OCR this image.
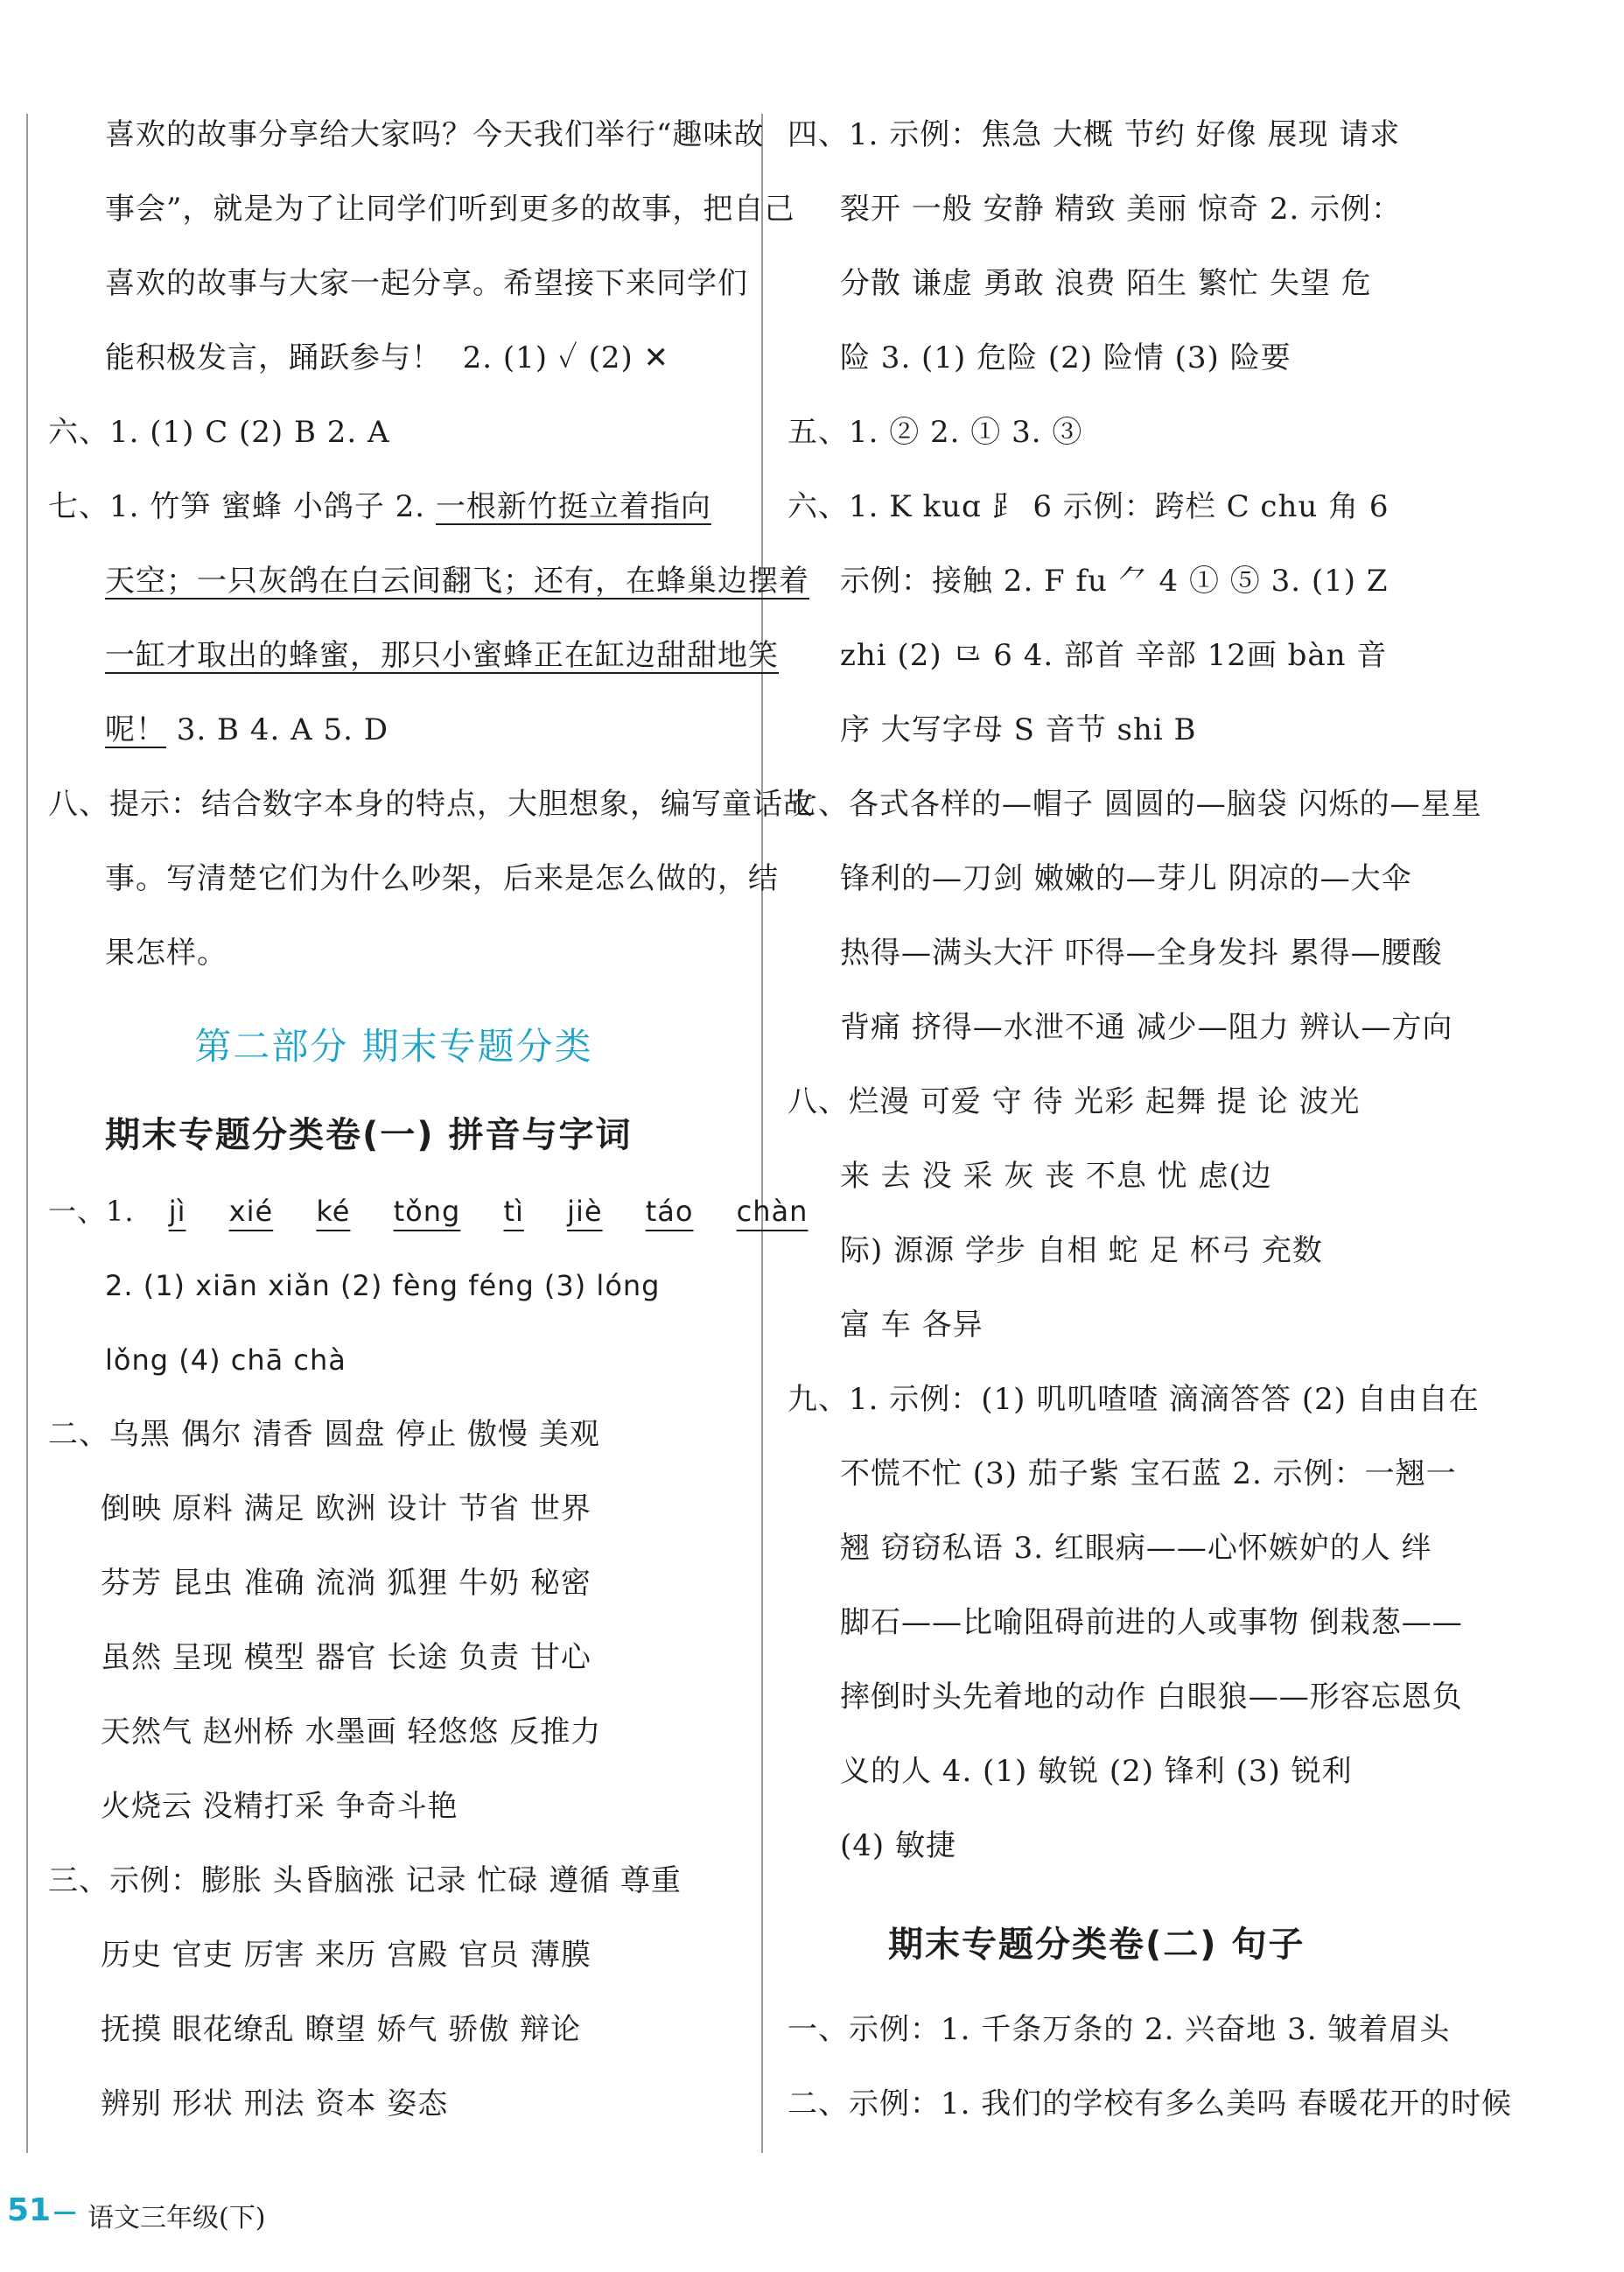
喜欢的故事分享给大家吗？今天我们举行“趣味故
事会”，就是为了让同学们听到更多的故事，把自己
喜欢的故事与大家一起分享。希望接下来同学们
能积极发言，踊跃参与！ 2. (1) ✓ (2) ✕
六、1. (1) C (2) B 2. A
七、1. 竹笋 蜜蜂 小鸽子 2. 一根新竹挺立着指向
天空；一只灰鸽在白云间翻飞；还有，在蜂巢边摆着
一缸才取出的蜂蜜，那只小蜜蜂正在缸边甜甜地笑
呢！ 3. B 4. A 5. D
八、提示：结合数字本身的特点，大胆想象，编写童话故
事。写清楚它们为什么吵架，后来是怎么做的，结
果怎样。
第二部分 期末专题分类
期末专题分类卷(一) 拼音与字词
一、1. jì xié ké tǒng tì jiè táo chàn
2. (1) xiān xiǎn (2) fèng féng (3) lóng
lǒng (4) chā chà
二、乌黑 偶尔 清香 圆盘 停止 傲慢 美观
倒映 原料 满足 欧洲 设计 节省 世界
芬芳 昆虫 准确 流淌 狐狸 牛奶 秘密
虽然 呈现 模型 器官 长途 负责 甘心
天然气 赵州桥 水墨画 轻悠悠 反推力
火烧云 没精打采 争奇斗艳
三、示例：膨胀 头昏脑涨 记录 忙碌 遵循 尊重
历史 官吏 厉害 来历 宫殿 官员 薄膜
抚摸 眼花缭乱 瞭望 娇气 骄傲 辩论
辨别 形状 刑法 资本 姿态
四、1. 示例：焦急 大概 节约 好像 展现 请求
裂开 一般 安静 精致 美丽 惊奇 2. 示例：
分散 谦虚 勇敢 浪费 陌生 繁忙 失望 危
险 3. (1) 危险 (2) 险情 (3) 险要
五、1. ② 2. ① 3. ③
六、1. K kuɑ ⻊ 6 示例：跨栏 C chu 角 6
示例：接触 2. F fu ⺈ 4 ① ⑤ 3. (1) Z
zhi (2) ⺋ 6 4. 部首 辛部 12画 bàn 音
序 大写字母 S 音节 shi B
七、各式各样的—帽子 圆圆的—脑袋 闪烁的—星星
锋利的—刀剑 嫩嫩的—芽儿 阴凉的—大伞
热得—满头大汗 吓得—全身发抖 累得—腰酸
背痛 挤得—水泄不通 减少—阻力 辨认—方向
八、烂漫 可爱 守 待 光彩 起舞 提 论 波光
来 去 没 采 灰 丧 不息 忧 虑(边
际) 源源 学步 自相 蛇 足 杯弓 充数
富 车 各异
九、1. 示例：(1) 叽叽喳喳 滴滴答答 (2) 自由自在
不慌不忙 (3) 茄子紫 宝石蓝 2. 示例：一翘一
翘 窃窃私语 3. 红眼病——心怀嫉妒的人 绊
脚石——比喻阻碍前进的人或事物 倒栽葱——
摔倒时头先着地的动作 白眼狼——形容忘恩负
义的人 4. (1) 敏锐 (2) 锋利 (3) 锐利
(4) 敏捷
期末专题分类卷(二) 句子
一、示例：1. 千条万条的 2. 兴奋地 3. 皱着眉头
二、示例：1. 我们的学校有多么美吗 春暖花开的时候
51 语文三年级(下)
